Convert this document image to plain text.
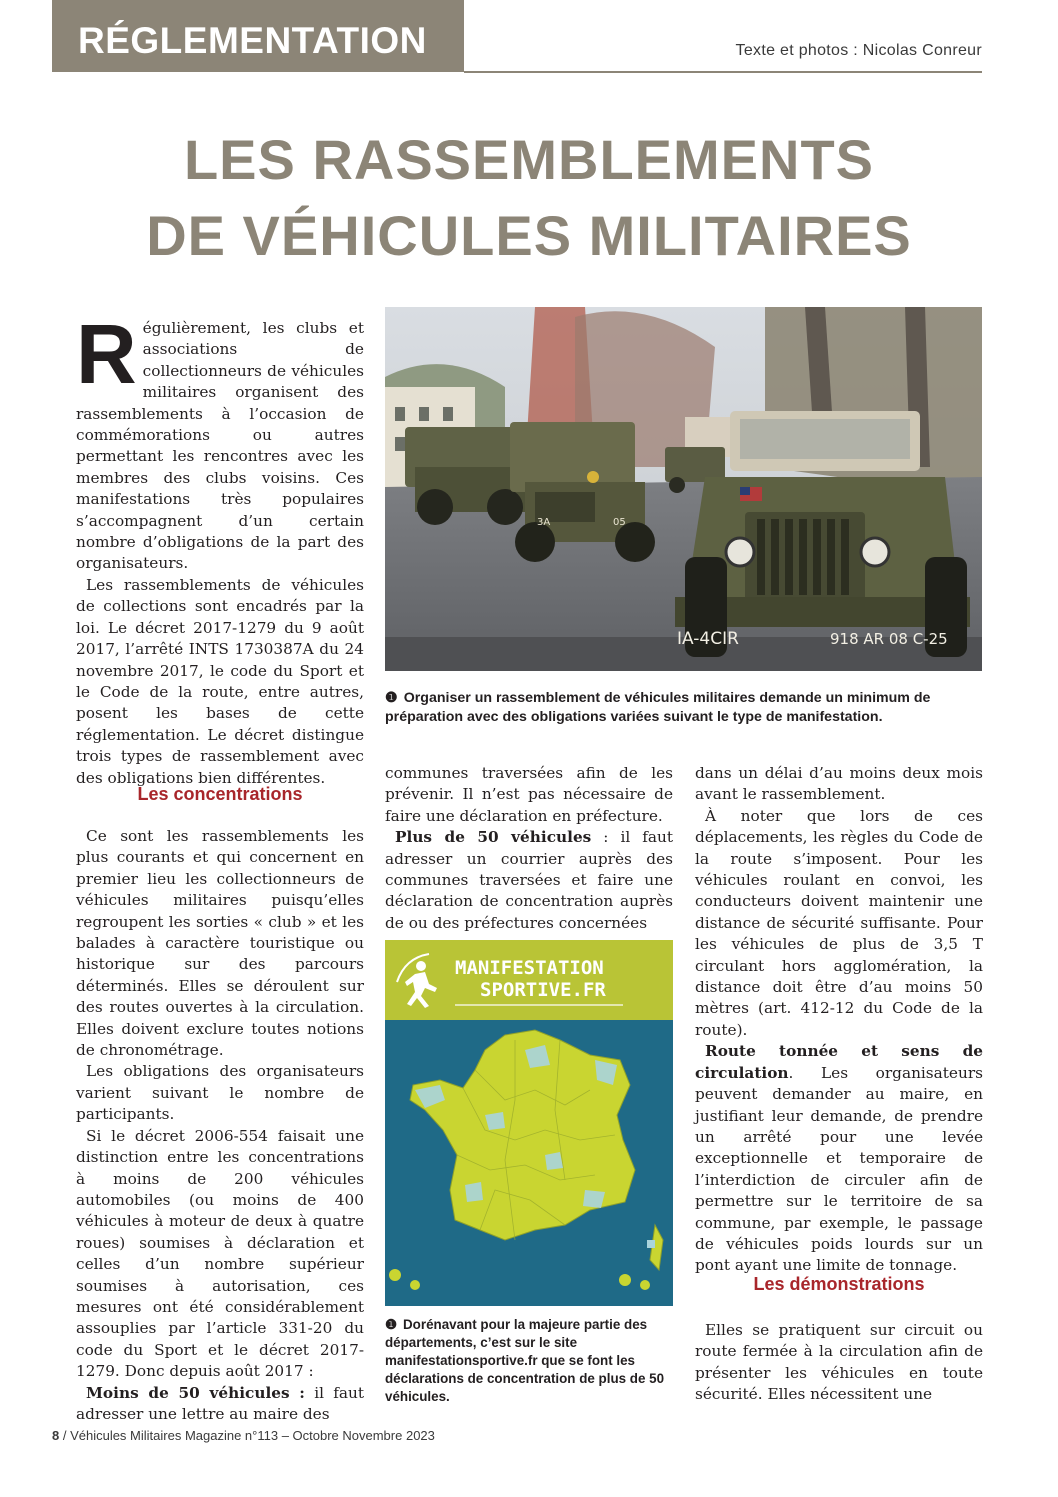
RÉGLEMENTATION	Texte et photos : Nicolas Conreur
LES RASSEMBLEMENTS
DE VÉHICULES MILITAIRES

Régulièrement, les clubs et associations de collectionneurs de véhicules militaires organisent des rassemblements à l’occasion de commémorations ou autres permettant les rencontres avec les membres des clubs voisins. Ces manifestations très populaires s’accompagnent d’un certain nombre d’obligations de la part des organisateurs.

Les rassemblements de véhicules de collections sont encadrés par la loi. Le décret 2017-1279 du 9 août 2017, l’arrêté INTS 1730387A du 24 novembre 2017, le code du Sport et le Code de la route, entre autres, posent les bases de cette réglementation. Le décret distingue trois types de rassemblement avec des obligations bien différentes.

Les concentrations

Ce sont les rassemblements les plus courants et qui concernent en premier lieu les collectionneurs de véhicules militaires puisqu’elles regroupent les sorties « club » et les balades à caractère touristique ou historique sur des parcours déterminés. Elles se déroulent sur des routes ouvertes à la circulation. Elles doivent exclure toutes notions de chronométrage.

Les obligations des organisateurs varient suivant le nombre de participants.

Si le décret 2006-554 faisait une distinction entre les concentrations à moins de 200 véhicules automobiles (ou moins de 400 véhicules à moteur de deux à quatre roues) soumises à déclaration et celles d’un nombre supérieur soumises à autorisation, ces mesures ont été considérablement assouplies par l’article 331-20 du code du Sport et le décret 2017-1279. Donc depuis août 2017 :

Moins de 50 véhicules : il faut adresser une lettre au maire des

3A	05
IA-4CIR	918 AR 08 C-25
❶ Organiser un rassemblement de véhicules militaires demande un minimum de préparation avec des obligations variées suivant le type de manifestation.

communes traversées afin de les prévenir. Il n’est pas nécessaire de faire une déclaration en préfecture.

Plus de 50 véhicules : il faut adresser un courrier auprès des communes traversées et faire une déclaration de concentration auprès de ou des préfectures concernées

MANIFESTATION
SPORTIVE.FR
❶ Dorénavant pour la majeure partie des départements, c’est sur le site manifestationsportive.fr que se font les déclarations de concentration de plus de 50 véhicules.

dans un délai d’au moins deux mois avant le rassemblement.

À noter que lors de ces déplacements, les règles du Code de la route s’imposent. Pour les véhicules roulant en convoi, les conducteurs doivent maintenir une distance de sécurité suffisante. Pour les véhicules de plus de 3,5 T circulant hors agglomération, la distance doit être d’au moins 50 mètres (art. 412-12 du Code de la route).

Route tonnée et sens de circulation. Les organisateurs peuvent demander au maire, en justifiant leur demande, de prendre un arrêté pour une levée exceptionnelle et temporaire de l’interdiction de circuler afin de permettre sur le territoire de sa commune, par exemple, le passage de véhicules poids lourds sur un pont ayant une limite de tonnage.

Les démonstrations

Elles se pratiquent sur circuit ou route fermée à la circulation afin de présenter les véhicules en toute sécurité. Elles nécessitent une

8 / Véhicules Militaires Magazine n°113 – Octobre Novembre 2023
